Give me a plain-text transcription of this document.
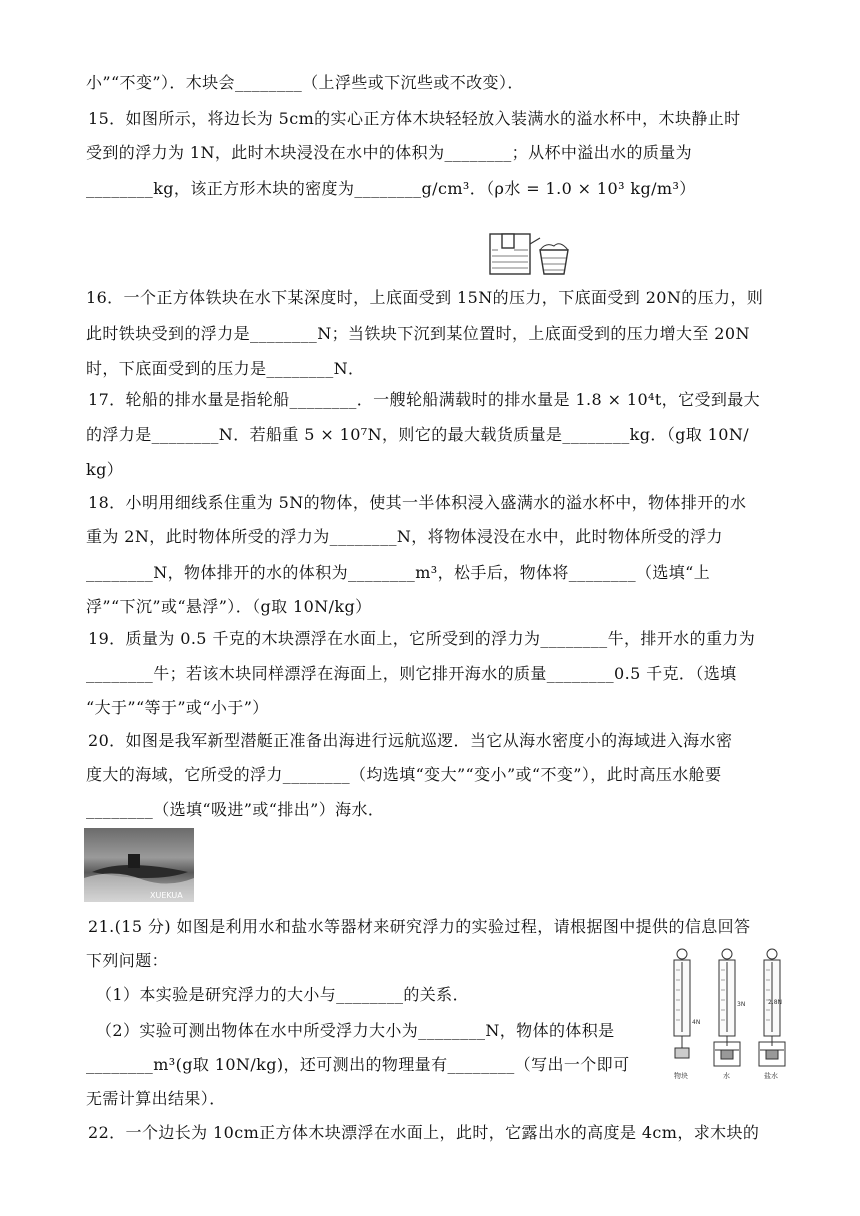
小”“不变”）．木块会________（上浮些或下沉些或不改变）．
15．如图所示，将边长为 5cm的实心正方体木块轻轻放入装满水的溢水杯中，木块静止时
受到的浮力为 1N，此时木块浸没在水中的体积为________；从杯中溢出水的质量为
________kg，该正方形木块的密度为________g/cm³．（ρ水 = 1.0 × 10³ kg/m³）
16．一个正方体铁块在水下某深度时，上底面受到 15N的压力，下底面受到 20N的压力，则
此时铁块受到的浮力是________N；当铁块下沉到某位置时，上底面受到的压力增大至 20N
时，下底面受到的压力是________N．
17．轮船的排水量是指轮船________．一艘轮船满载时的排水量是 1.8 × 10⁴t，它受到最大
的浮力是________N．若船重 5 × 10⁷N，则它的最大载货质量是________kg．（g取 10N/
kg）
18．小明用细线系住重为 5N的物体，使其一半体积浸入盛满水的溢水杯中，物体排开的水
重为 2N，此时物体所受的浮力为________N，将物体浸没在水中，此时物体所受的浮力
________N，物体排开的水的体积为________m³，松手后，物体将________（选填“上
浮”“下沉”或“悬浮”）．（g取 10N/kg）
19．质量为 0.5 千克的木块漂浮在水面上，它所受到的浮力为________牛，排开水的重力为
________牛；若该木块同样漂浮在海面上，则它排开海水的质量________0.5 千克．（选填
“大于”“等于”或“小于”）
20．如图是我军新型潜艇正准备出海进行远航巡逻．当它从海水密度小的海域进入海水密
度大的海域，它所受的浮力________（均选填“变大”“变小”或“不变”），此时高压水舱要
________（选填“吸进”或“排出”）海水．
XUEKUA
21.(15 分) 如图是利用水和盐水等器材来研究浮力的实验过程，请根据图中提供的信息回答
下列问题：
（1）本实验是研究浮力的大小与________的关系．
（2）实验可测出物体在水中所受浮力大小为________N，物体的体积是
________m³(g取 10N/kg)，还可测出的物理量有________（写出一个即可
无需计算出结果）．
4N
3N	2.8N
物块	水	盐水
22．一个边长为 10cm正方体木块漂浮在水面上，此时，它露出水的高度是 4cm，求木块的
